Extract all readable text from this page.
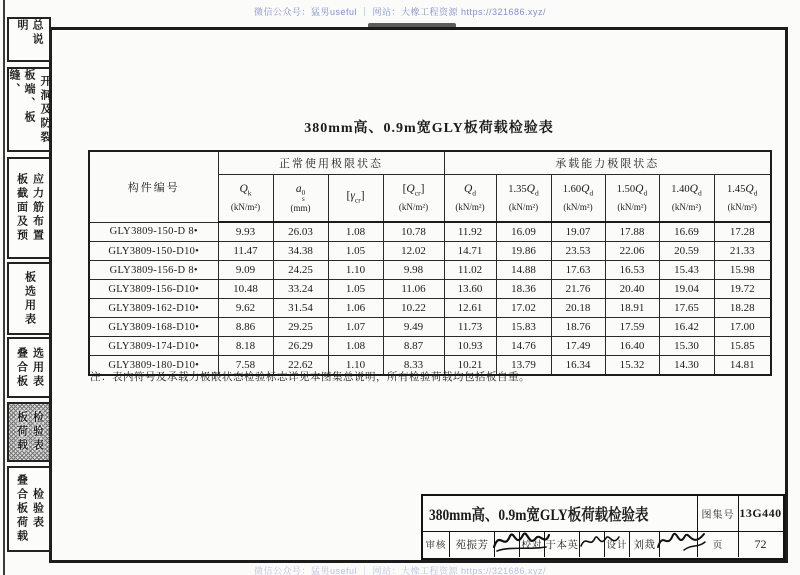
微信公众号：猛男useful ｜ 网站：大橡工程资源 https://321686.xyz/
微信公众号：猛男useful ｜ 网站：大橡工程资源 https://321686.xyz/
总说明
板端、板缝、	开洞及防裂
板截面及预 应力筋布置
板选用表
叠合板 选用表
板荷载 检验表
叠合板荷载 检验表
380mm高、0.9m宽GLY板荷载检验表
构件编号	正常使用极限状态				承载能力极限状态					

$Q_k$
(kN/m²)

a 0
s
(mm)

$[\gamma_{cr}]$

$[Q_{cr}]$
(kN/m²)

$Q_d$
(kN/m²)

$1.35Q_d$
(kN/m²)

$1.60Q_d$
(kN/m²)

$1.50Q_d$
(kN/m²)

$1.40Q_d$
(kN/m²)

$1.45Q_d$
(kN/m²)

GLY3809-150-D 8•	9.93	26.03	1.08	10.78	11.92	16.09	19.07	17.88	16.69	17.28
GLY3809-150-D10•	11.47	34.38	1.05	12.02	14.71	19.86	23.53	22.06	20.59	21.33
GLY3809-156-D 8•	9.09	24.25	1.10	9.98	11.02	14.88	17.63	16.53	15.43	15.98
GLY3809-156-D10•	10.48	33.24	1.05	11.06	13.60	18.36	21.76	20.40	19.04	19.72
GLY3809-162-D10•	9.62	31.54	1.06	10.22	12.61	17.02	20.18	18.91	17.65	18.28
GLY3809-168-D10•	8.86	29.25	1.07	9.49	11.73	15.83	18.76	17.59	16.42	17.00
GLY3809-174-D10•	8.18	26.29	1.08	8.87	10.93	14.76	17.49	16.40	15.30	15.85
GLY3809-180-D10•	7.58	22.62	1.10	8.33	10.21	13.79	16.34	15.32	14.30	14.81
注：表内符号及承载力极限状态检验标志详见本图集总说明，所有检验荷载均包括板自重。
380mm高、0.9m宽GLY板荷载检验表	图集号 13G440
审核 苑振芳	校对 于本英	设计 刘烖	页	72
